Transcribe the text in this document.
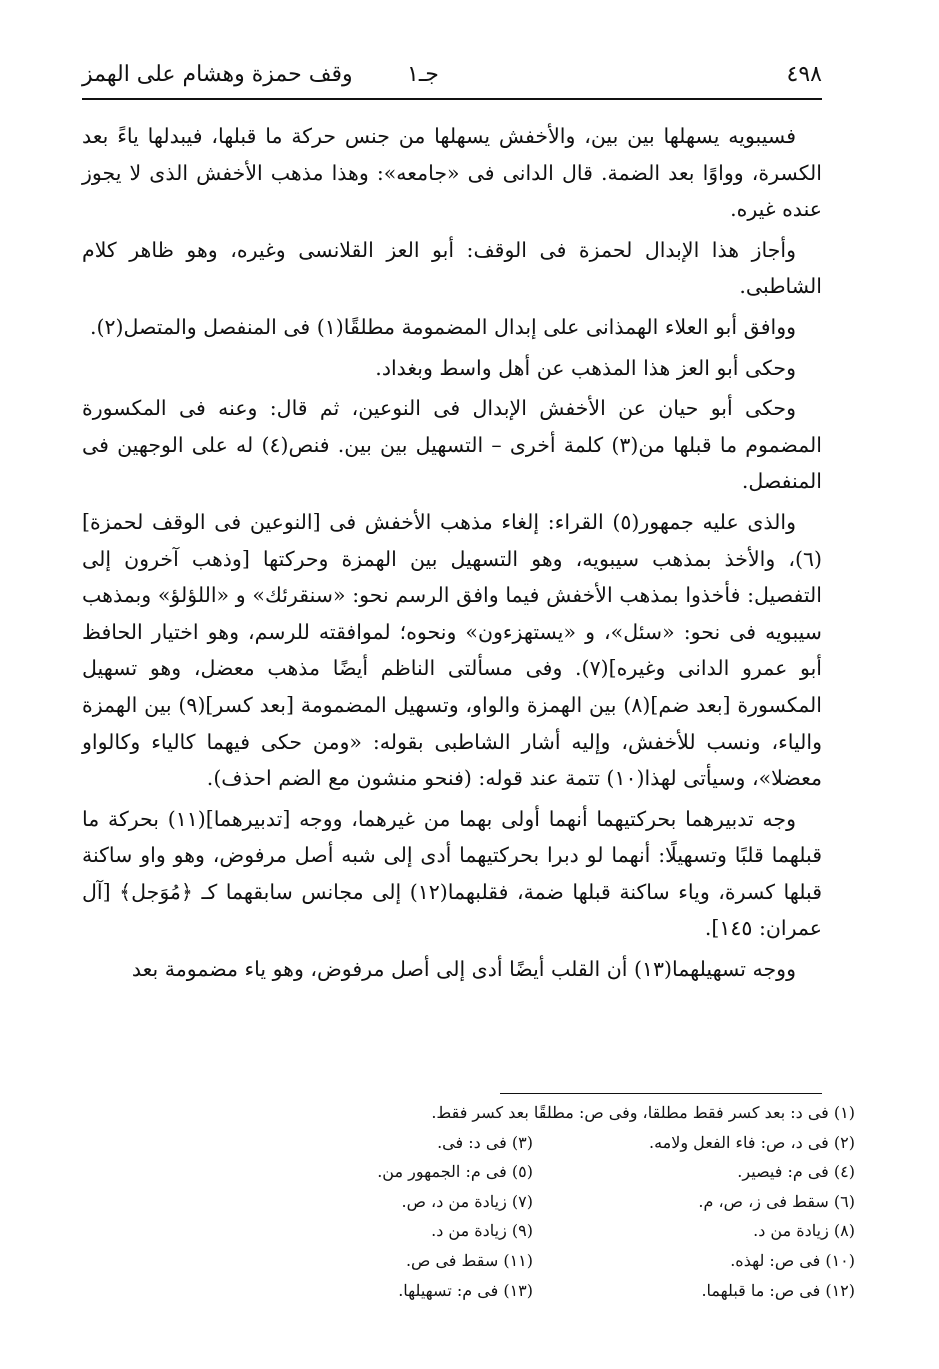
٤٩٨
جـ١
وقف حمزة وهشام على الهمز

فسيبويه يسهلها بين بين، والأخفش يسهلها من جنس حركة ما قبلها، فيبدلها ياءً بعد الكسرة، وواوًا بعد الضمة. قال الدانى فى «جامعه»: وهذا مذهب الأخفش الذى لا يجوز عنده غيره.

وأجاز هذا الإبدال لحمزة فى الوقف: أبو العز القلانسى وغيره، وهو ظاهر كلام الشاطبى.

ووافق أبو العلاء الهمذانى على إبدال المضمومة مطلقًا(١) فى المنفصل والمتصل(٢).

وحكى أبو العز هذا المذهب عن أهل واسط وبغداد.

وحكى أبو حيان عن الأخفش الإبدال فى النوعين، ثم قال: وعنه فى المكسورة المضموم ما قبلها من(٣) كلمة أخرى – التسهيل بين بين. فنص(٤) له على الوجهين فى المنفصل.

والذى عليه جمهور(٥) القراء: إلغاء مذهب الأخفش فى [النوعين فى الوقف لحمزة](٦)، والأخذ بمذهب سيبويه، وهو التسهيل بين الهمزة وحركتها [وذهب آخرون إلى التفصيل: فأخذوا بمذهب الأخفش فيما وافق الرسم نحو: «سنقرئك» و «اللؤلؤ» وبمذهب سيبويه فى نحو: «سئل»، و «يستهزءون» ونحوه؛ لموافقته للرسم، وهو اختيار الحافظ أبو عمرو الدانى وغيره](٧). وفى مسألتى الناظم أيضًا مذهب معضل، وهو تسهيل المكسورة [بعد ضم](٨) بين الهمزة والواو، وتسهيل المضمومة [بعد كسر](٩) بين الهمزة والياء، ونسب للأخفش، وإليه أشار الشاطبى بقوله: «ومن حكى فيهما كالياء وكالواو معضلا»، وسيأتى لهذا(١٠) تتمة عند قوله: (فنحو منشون مع الضم احذف).

وجه تدبيرهما بحركتيهما أنهما أولى بهما من غيرهما، ووجه [تدبيرهما](١١) بحركة ما قبلهما قلبًا وتسهيلًا: أنهما لو دبرا بحركتيهما أدى إلى شبه أصل مرفوض، وهو واو ساكنة قبلها كسرة، وياء ساكنة قبلها ضمة، فقلبهما(١٢) إلى مجانس سابقهما كـ ﴿مُوَجل﴾ [آل عمران: ١٤٥].

ووجه تسهيلهما(١٣) أن القلب أيضًا أدى إلى أصل مرفوض، وهو ياء مضمومة بعد

(١) فى د: بعد كسر فقط مطلقا، وفى ص: مطلقًا بعد كسر فقط.
(٢) فى د، ص: فاء الفعل ولامه.
(٣) فى د: فى.
(٤) فى م: فيصير.
(٥) فى م: الجمهور من.
(٦) سقط فى ز، ص، م.
(٧) زيادة من د، ص.
(٨) زيادة من د.
(٩) زيادة من د.
(١٠) فى ص: لهذه.
(١١) سقط فى ص.
(١٢) فى ص: ما قبلهما.
(١٣) فى م: تسهيلها.
